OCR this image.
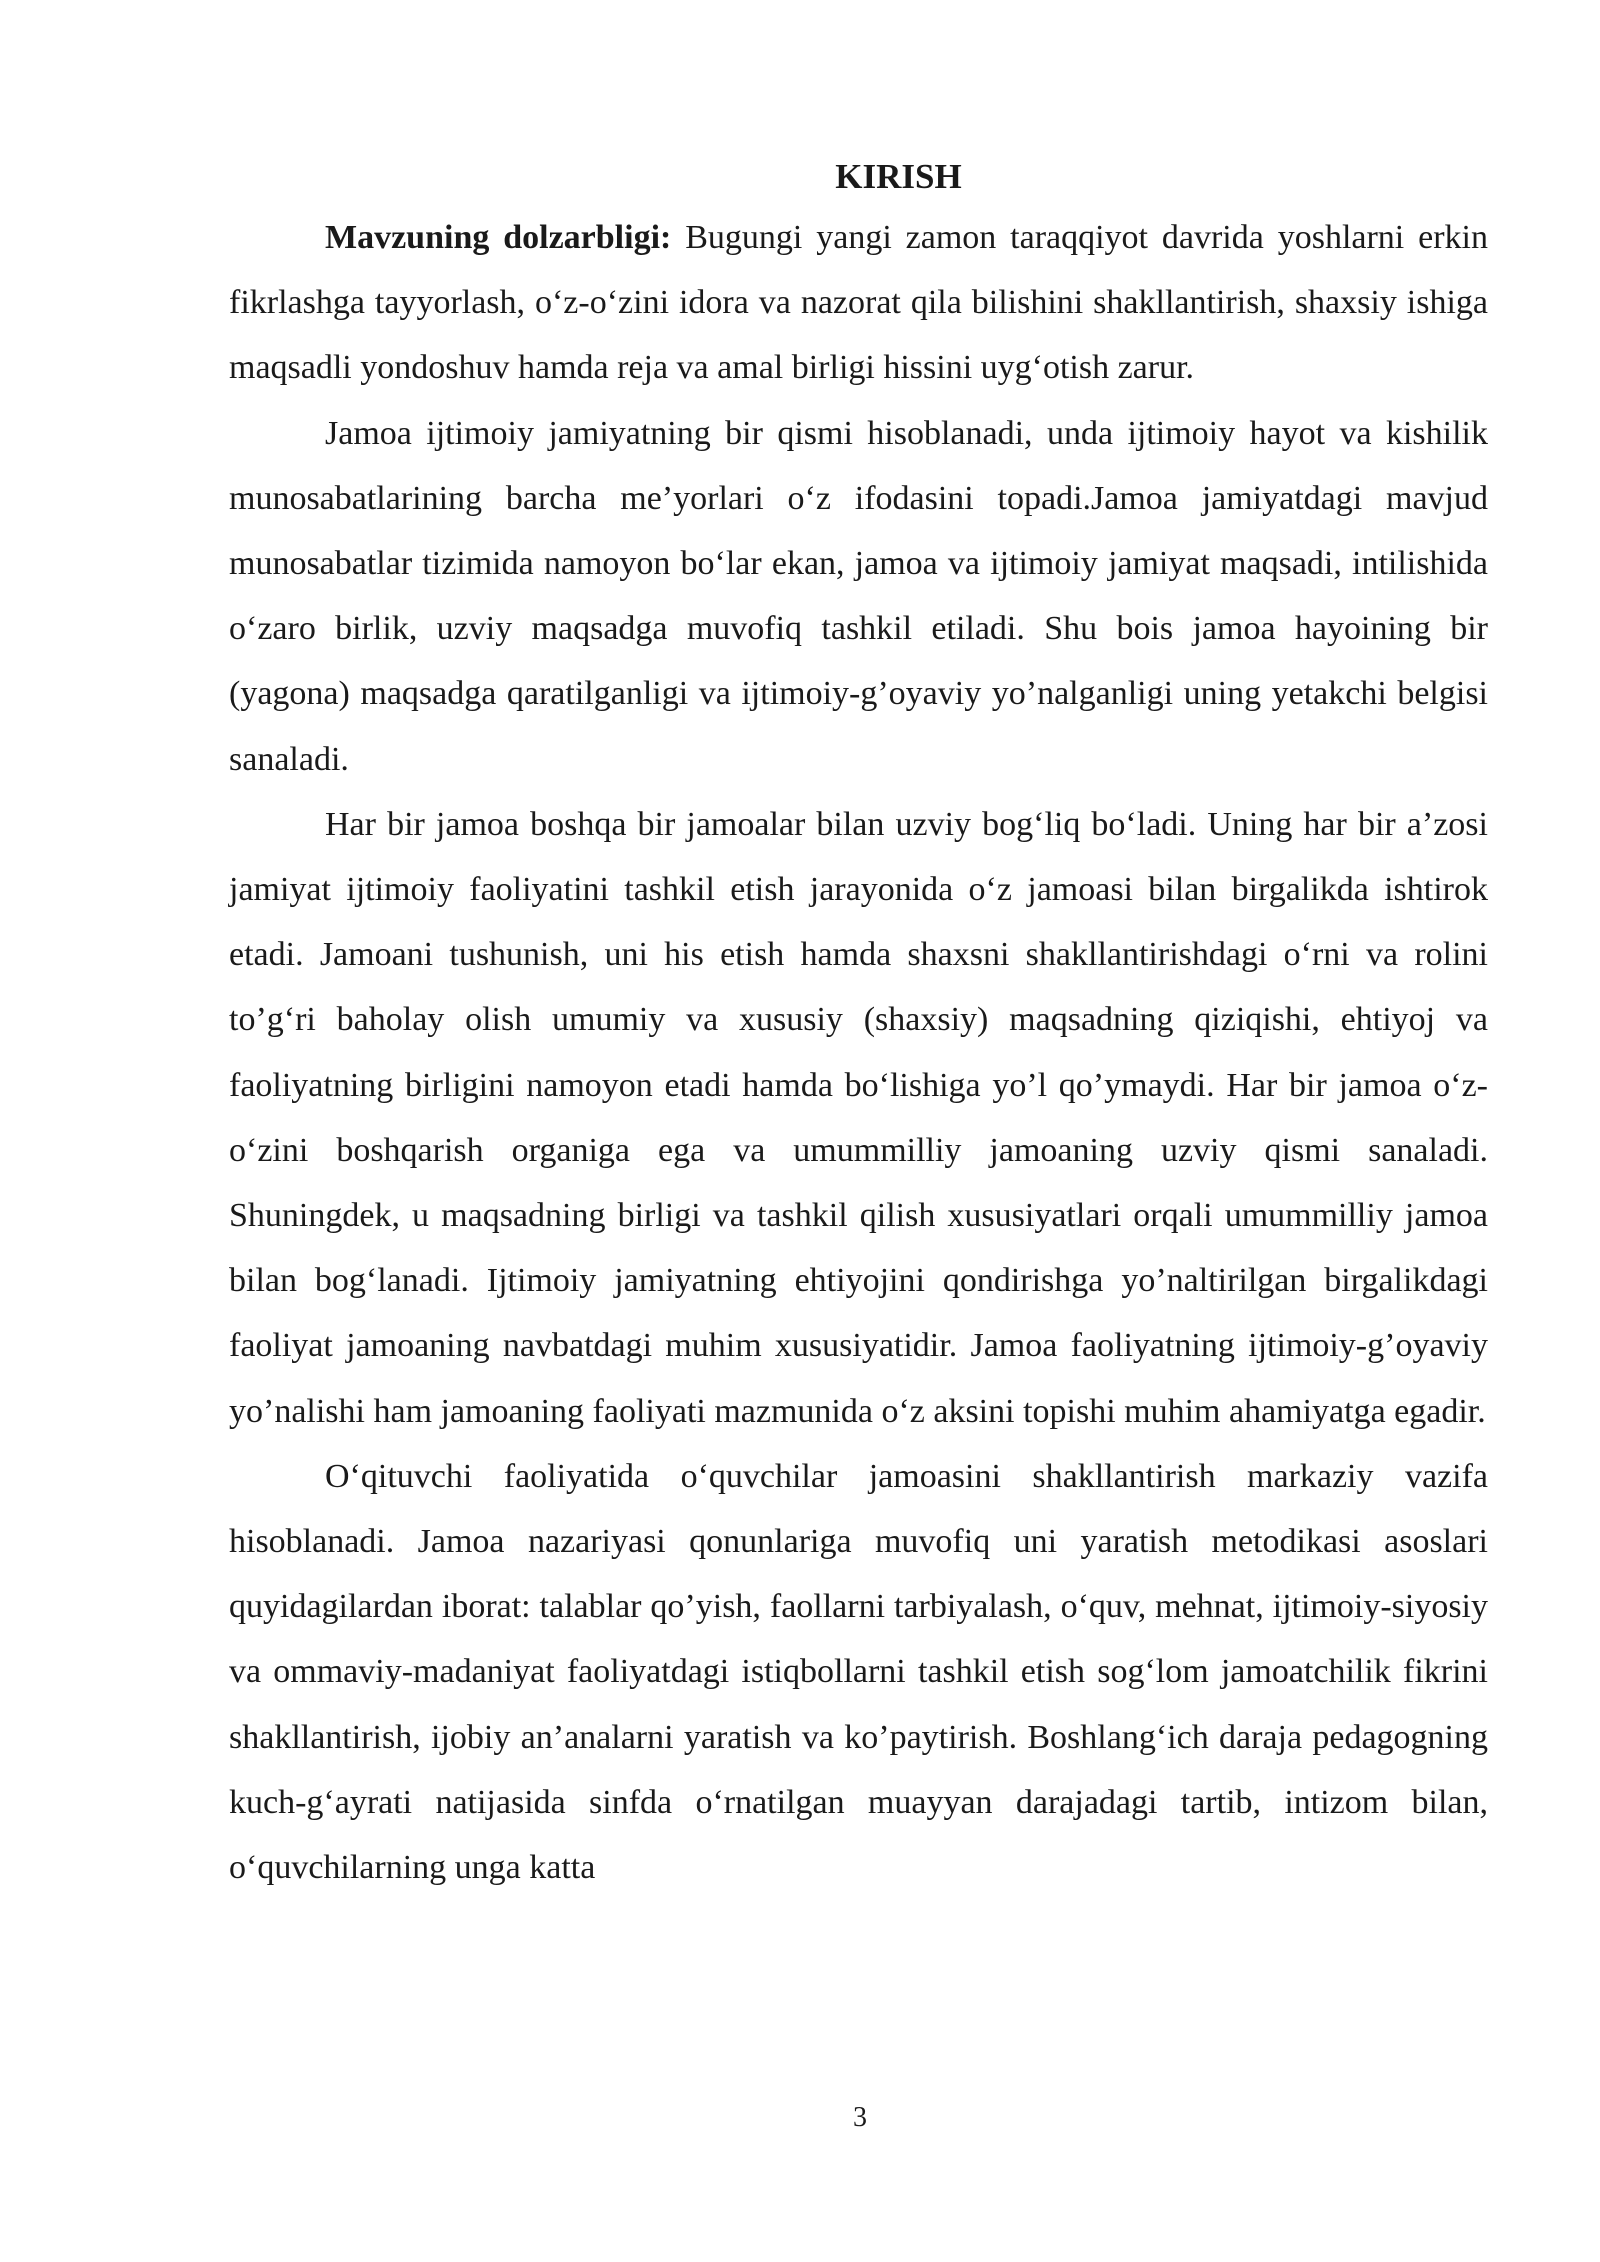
KIRISH

Mavzuning dolzarbligi: Bugungi yangi zamon taraqqiyot davrida yoshlarni erkin fikrlashga tayyorlash, o‘z-o‘zini idora va nazorat qila bilishini shakllantirish, shaxsiy ishiga maqsadli yondoshuv hamda reja va amal birligi hissini uyg‘otish zarur.

Jamoa ijtimoiy jamiyatning bir qismi hisoblanadi, unda ijtimoiy hayot va kishilik munosabatlarining barcha me’yorlari o‘z ifodasini topadi.Jamoa jamiyatdagi mavjud munosabatlar tizimida namoyon bo‘lar ekan, jamoa va ijtimoiy jamiyat maqsadi, intilishida o‘zaro birlik, uzviy maqsadga muvofiq tashkil etiladi. Shu bois jamoa hayoining bir (yagona) maqsadga qaratilganligi va ijtimoiy-g’oyaviy yo’nalganligi uning yetakchi belgisi sanaladi.

Har bir jamoa boshqa bir jamoalar bilan uzviy bog‘liq bo‘ladi. Uning har bir a’zosi jamiyat ijtimoiy faoliyatini tashkil etish jarayonida o‘z jamoasi bilan birgalikda ishtirok etadi. Jamoani tushunish, uni his etish hamda shaxsni shakllantirishdagi o‘rni va rolini to’g‘ri baholay olish umumiy va xususiy (shaxsiy) maqsadning qiziqishi, ehtiyoj va faoliyatning birligini namoyon etadi hamda bo‘lishiga yo’l qo’ymaydi. Har bir jamoa o‘z-o‘zini boshqarish organiga ega va umummilliy jamoaning uzviy qismi sanaladi. Shuningdek, u maqsadning birligi va tashkil qilish xususiyatlari orqali umummilliy jamoa bilan bog‘lanadi. Ijtimoiy jamiyatning ehtiyojini qondirishga yo’naltirilgan birgalikdagi faoliyat jamoaning navbatdagi muhim xususiyatidir. Jamoa faoliyatning ijtimoiy-g’oyaviy yo’nalishi ham jamoaning faoliyati mazmunida o‘z aksini topishi muhim ahamiyatga egadir.

O‘qituvchi faoliyatida o‘quvchilar jamoasini shakllantirish markaziy vazifa hisoblanadi. Jamoa nazariyasi qonunlariga muvofiq uni yaratish metodikasi asoslari quyidagilardan iborat: talablar qo’yish, faollarni tarbiyalash, o‘quv, mehnat, ijtimoiy-siyosiy va ommaviy-madaniyat faoliyatdagi istiqbollarni tashkil etish sog‘lom jamoatchilik fikrini shakllantirish, ijobiy an’analarni yaratish va ko’paytirish. Boshlang‘ich daraja pedagogning kuch-g‘ayrati natijasida sinfda o‘rnatilgan muayyan darajadagi tartib, intizom bilan, o‘quvchilarning unga katta

3
